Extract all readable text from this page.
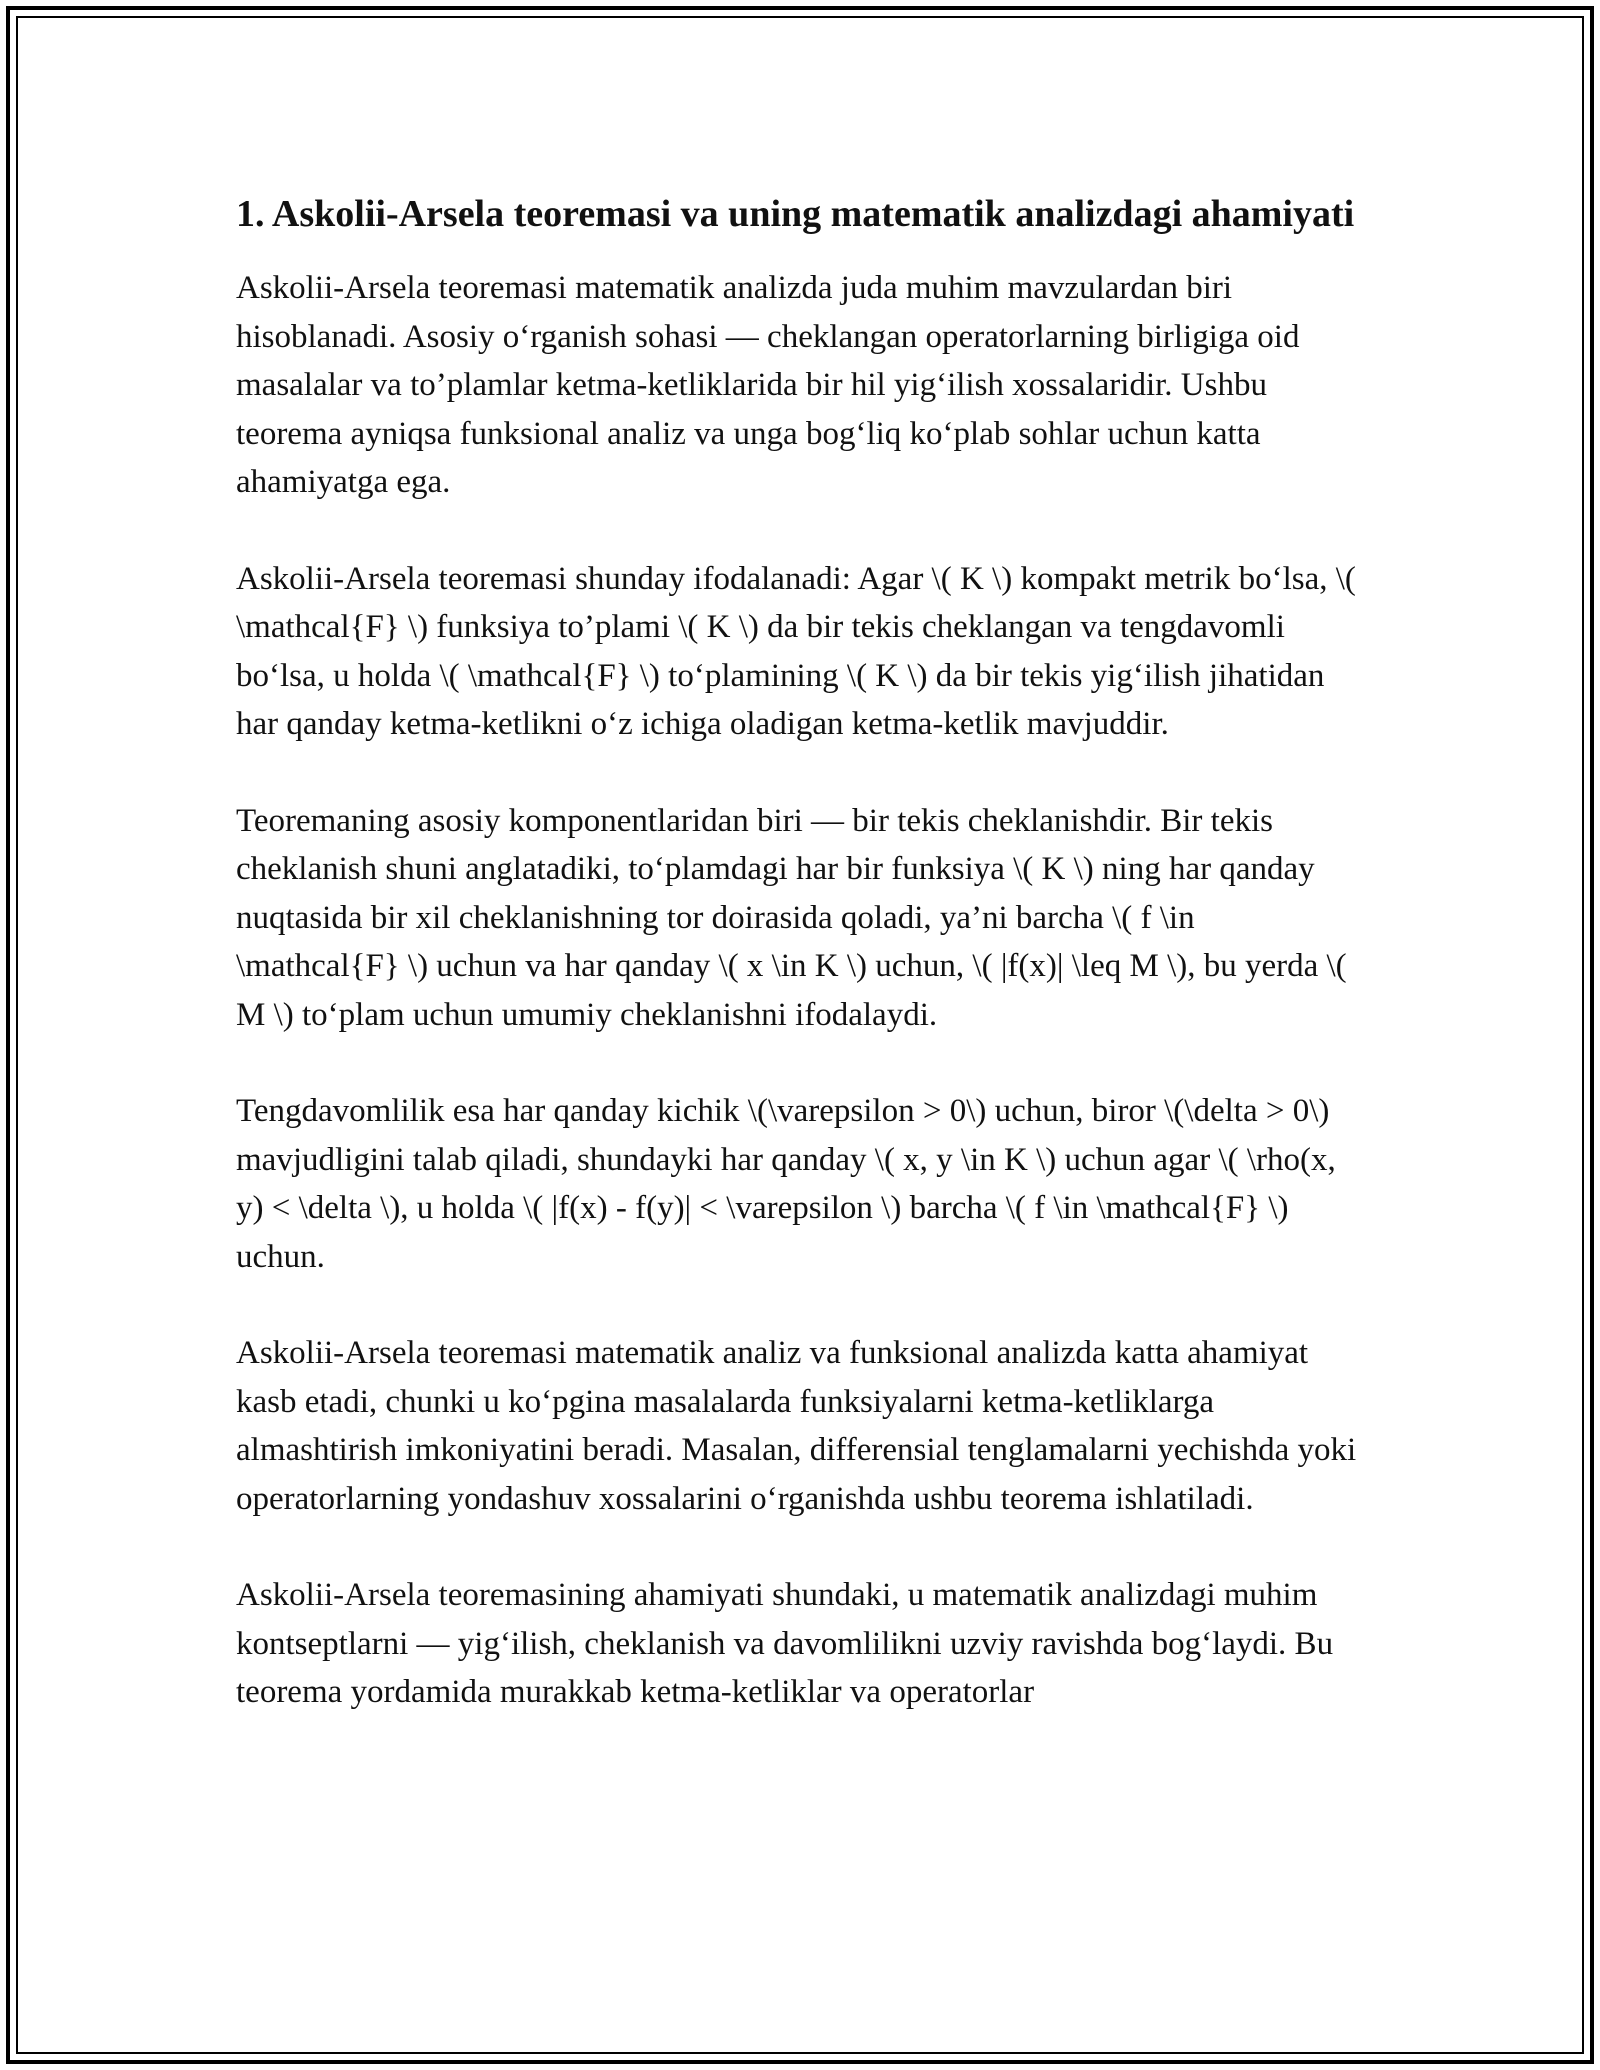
1. Askolii-Arsela teoremasi va uning matematik analizdagi ahamiyati

Askolii-Arsela teoremasi matematik analizda juda muhim mavzulardan biri hisoblanadi. Asosiy o‘rganish sohasi — cheklangan operatorlarning birligiga oid masalalar va to’plamlar ketma-ketliklarida bir hil yig‘ilish xossalaridir. Ushbu teorema ayniqsa funksional analiz va unga bog‘liq ko‘plab sohlar uchun katta ahamiyatga ega.

Askolii-Arsela teoremasi shunday ifodalanadi: Agar \( K \) kompakt metrik bo‘lsa, \( \mathcal{F} \) funksiya to’plami \( K \) da bir tekis cheklangan va tengdavomli bo‘lsa, u holda \( \mathcal{F} \) to‘plamining \( K \) da bir tekis yig‘ilish jihatidan har qanday ketma-ketlikni o‘z ichiga oladigan ketma-ketlik mavjuddir.

Teoremaning asosiy komponentlaridan biri — bir tekis cheklanishdir. Bir tekis cheklanish shuni anglatadiki, to‘plamdagi har bir funksiya \( K \) ning har qanday nuqtasida bir xil cheklanishning tor doirasida qoladi, ya’ni barcha \( f \in \mathcal{F} \) uchun va har qanday \( x \in K \) uchun, \( |f(x)| \leq M \), bu yerda \( M \) to‘plam uchun umumiy cheklanishni ifodalaydi.

Tengdavomlilik esa har qanday kichik \(\varepsilon > 0\) uchun, biror \(\delta > 0\) mavjudligini talab qiladi, shundayki har qanday \( x, y \in K \) uchun agar \( \rho(x, y) < \delta \), u holda \( |f(x) - f(y)| < \varepsilon \) barcha \( f \in \mathcal{F} \) uchun.

Askolii-Arsela teoremasi matematik analiz va funksional analizda katta ahamiyat kasb etadi, chunki u ko‘pgina masalalarda funksiyalarni ketma-ketliklarga almashtirish imkoniyatini beradi. Masalan, differensial tenglamalarni yechishda yoki operatorlarning yondashuv xossalarini o‘rganishda ushbu teorema ishlatiladi.

Askolii-Arsela teoremasining ahamiyati shundaki, u matematik analizdagi muhim kontseptlarni — yig‘ilish, cheklanish va davomlilikni uzviy ravishda bog‘laydi. Bu teorema yordamida murakkab ketma-ketliklar va operatorlar
